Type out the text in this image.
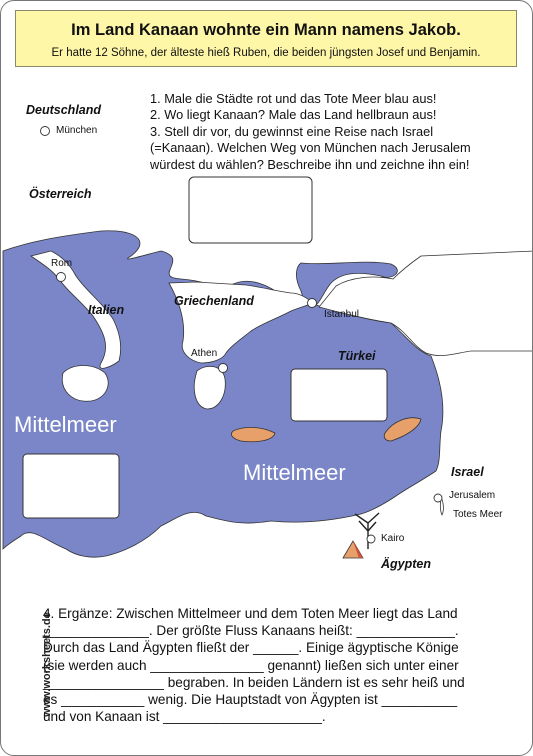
Im Land Kanaan wohnte ein Mann namens Jakob.
Er hatte 12 Söhne, der älteste hieß Ruben, die beiden jüngsten Josef und Benjamin.
1. Male die Städte rot und das Tote Meer blau aus!
2. Wo liegt Kanaan? Male das Land hellbraun aus!
3. Stell dir vor, du gewinnst eine Reise nach Israel
(=Kanaan). Welchen Weg von München nach Jerusalem
würdest du wählen? Beschreibe ihn und zeichne ihn ein!
Deutschland
Österreich
Italien
Griechenland
Türkei
Israel
Ägypten
München
Rom
Istanbul
Athen
Jerusalem
Totes Meer
Kairo
Mittelmeer
Mittelmeer
4. Ergänze: Zwischen Mittelmeer und dem Toten Meer liegt das Land
______________. Der größte Fluss Kanaans heißt: _____________.
Durch das Land Ägypten fließt der ______. Einige ägyptische Könige
(sie werden auch _______________ genannt) ließen sich unter einer
________________ begraben. In beiden Ländern ist es sehr heiß und
es ___________ wenig. Die Hauptstadt von Ägypten ist __________
und von Kanaan ist _____________________.
www.worksheets.de
